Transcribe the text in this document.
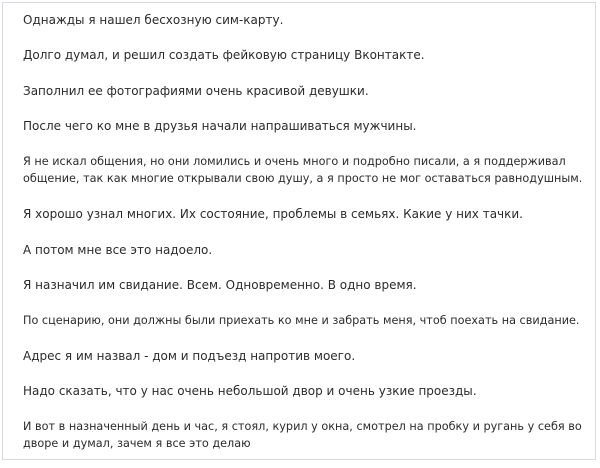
Однажды я нашел бесхозную сим-карту.

Долго думал, и решил создать фейковую страницу Вконтакте.

Заполнил ее фотографиями очень красивой девушки.

После чего ко мне в друзья начали напрашиваться мужчины.

Я не искал общения, но они ломились и очень много и подробно писали, а я поддерживал
общение, так как многие открывали свою душу, а я просто не мог оставаться равнодушным.

Я хорошо узнал многих. Их состояние, проблемы в семьях. Какие у них тачки.

А потом мне все это надоело.

Я назначил им свидание. Всем. Одновременно. В одно время.

По сценарию, они должны были приехать ко мне и забрать меня, чтоб поехать на свидание.

Адрес я им назвал - дом и подъезд напротив моего.

Надо сказать, что у нас очень небольшой двор и очень узкие проезды.

И вот в назначенный день и час, я стоял, курил у окна, смотрел на пробку и ругань у себя во
дворе и думал, зачем я все это делаю
